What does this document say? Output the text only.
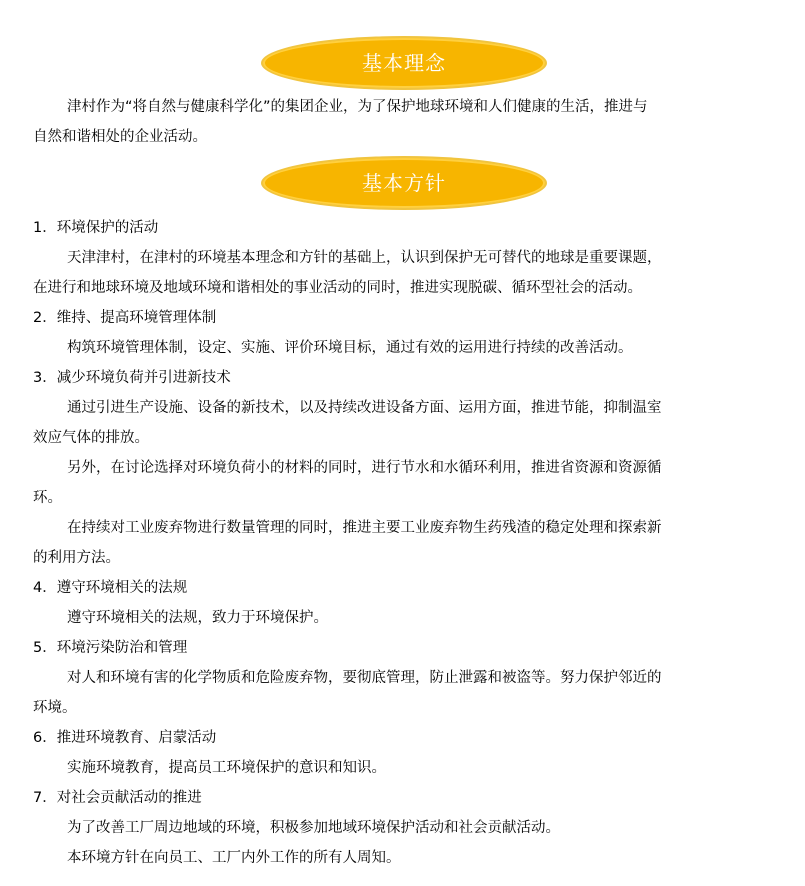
基本理念
津村作为“将自然与健康科学化”的集团企业，为了保护地球环境和人们健康的生活，推进与
自然和谐相处的企业活动。
基本方针
1．环境保护的活动
天津津村，在津村的环境基本理念和方针的基础上，认识到保护无可替代的地球是重要课题，
在进行和地球环境及地域环境和谐相处的事业活动的同时，推进实现脱碳、循环型社会的活动。
2．维持、提高环境管理体制
构筑环境管理体制，设定、实施、评价环境目标，通过有效的运用进行持续的改善活动。
3．减少环境负荷并引进新技术
通过引进生产设施、设备的新技术，以及持续改进设备方面、运用方面，推进节能，抑制温室
效应气体的排放。
另外，在讨论选择对环境负荷小的材料的同时，进行节水和水循环利用，推进省资源和资源循
环。
在持续对工业废弃物进行数量管理的同时，推进主要工业废弃物生药残渣的稳定处理和探索新
的利用方法。
4．遵守环境相关的法规
遵守环境相关的法规，致力于环境保护。
5．环境污染防治和管理
对人和环境有害的化学物质和危险废弃物，要彻底管理，防止泄露和被盗等。努力保护邻近的
环境。
6．推进环境教育、启蒙活动
实施环境教育，提高员工环境保护的意识和知识。
7．对社会贡献活动的推进
为了改善工厂周边地域的环境，积极参加地域环境保护活动和社会贡献活动。
本环境方针在向员工、工厂内外工作的所有人周知。
